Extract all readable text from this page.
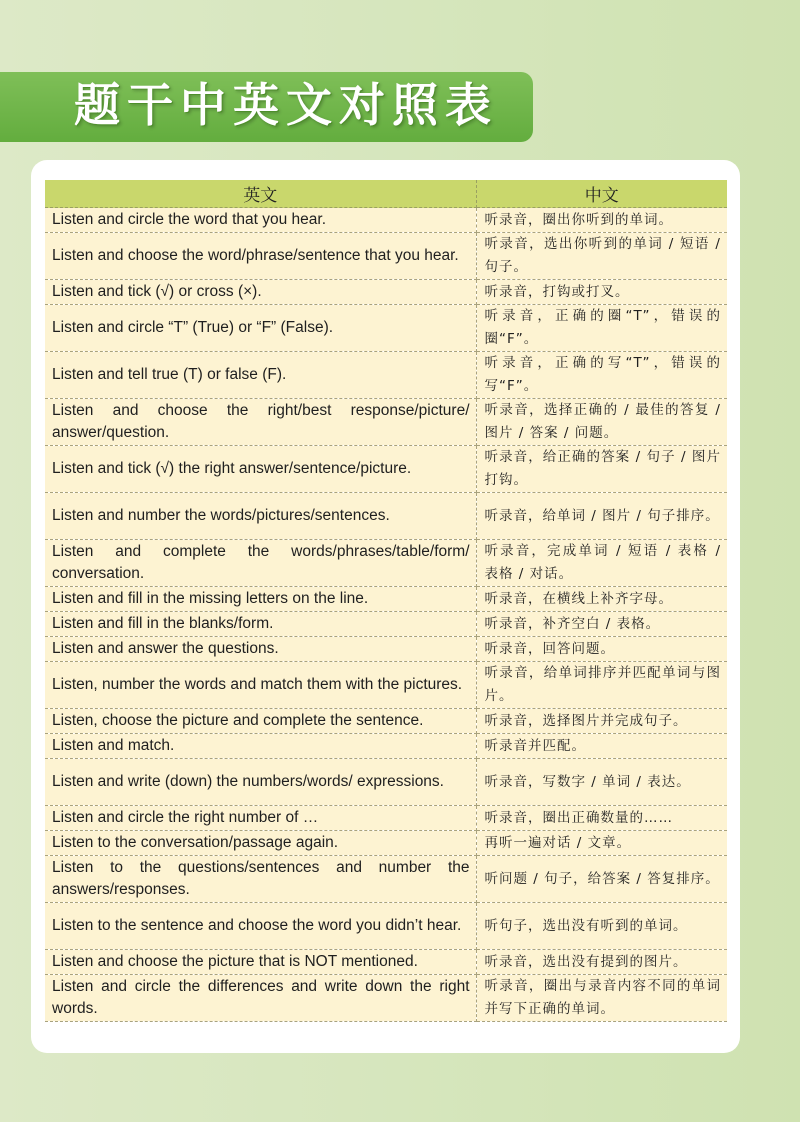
题干中英文对照表
英文	中文
Listen and circle the word that you hear.	听录音，圈出你听到的单词。
Listen and choose the word/phrase/sentence that you hear.	听录音，选出你听到的单词 / 短语 / 句子。
Listen and tick (√) or cross (×).	听录音，打钩或打叉。
Listen and circle “T” (True) or “F” (False).	听录音，正确的圈“T”，错误的圈“F”。
Listen and tell true (T) or false (F).	听录音，正确的写“T”，错误的写“F”。
Listen and choose the right/best response/picture/ answer/question.	听录音，选择正确的 / 最佳的答复 / 图片 / 答案 / 问题。
Listen and tick (√) the right answer/sentence/picture.	听录音，给正确的答案 / 句子 / 图片打钩。
Listen and number the words/pictures/sentences.	听录音，给单词 / 图片 / 句子排序。
Listen and complete the words/phrases/table/form/ conversation.	听录音，完成单词 / 短语 / 表格 / 表格 / 对话。
Listen and fill in the missing letters on the line.	听录音，在横线上补齐字母。
Listen and fill in the blanks/form.	听录音，补齐空白 / 表格。
Listen and answer the questions.	听录音，回答问题。
Listen, number the words and match them with the pictures.	听录音，给单词排序并匹配单词与图片。
Listen, choose the picture and complete the sentence.	听录音，选择图片并完成句子。
Listen and match.	听录音并匹配。
Listen and write (down) the numbers/words/ expressions.	听录音，写数字 / 单词 / 表达。
Listen and circle the right number of …	听录音，圈出正确数量的……
Listen to the conversation/passage again.	再听一遍对话 / 文章。
Listen to the questions/sentences and number the answers/responses.	听问题 / 句子，给答案 / 答复排序。
Listen to the sentence and choose the word you didn’t hear.	听句子，选出没有听到的单词。
Listen and choose the picture that is NOT mentioned.	听录音，选出没有提到的图片。
Listen and circle the differences and write down the right words.	听录音，圈出与录音内容不同的单词并写下正确的单词。
